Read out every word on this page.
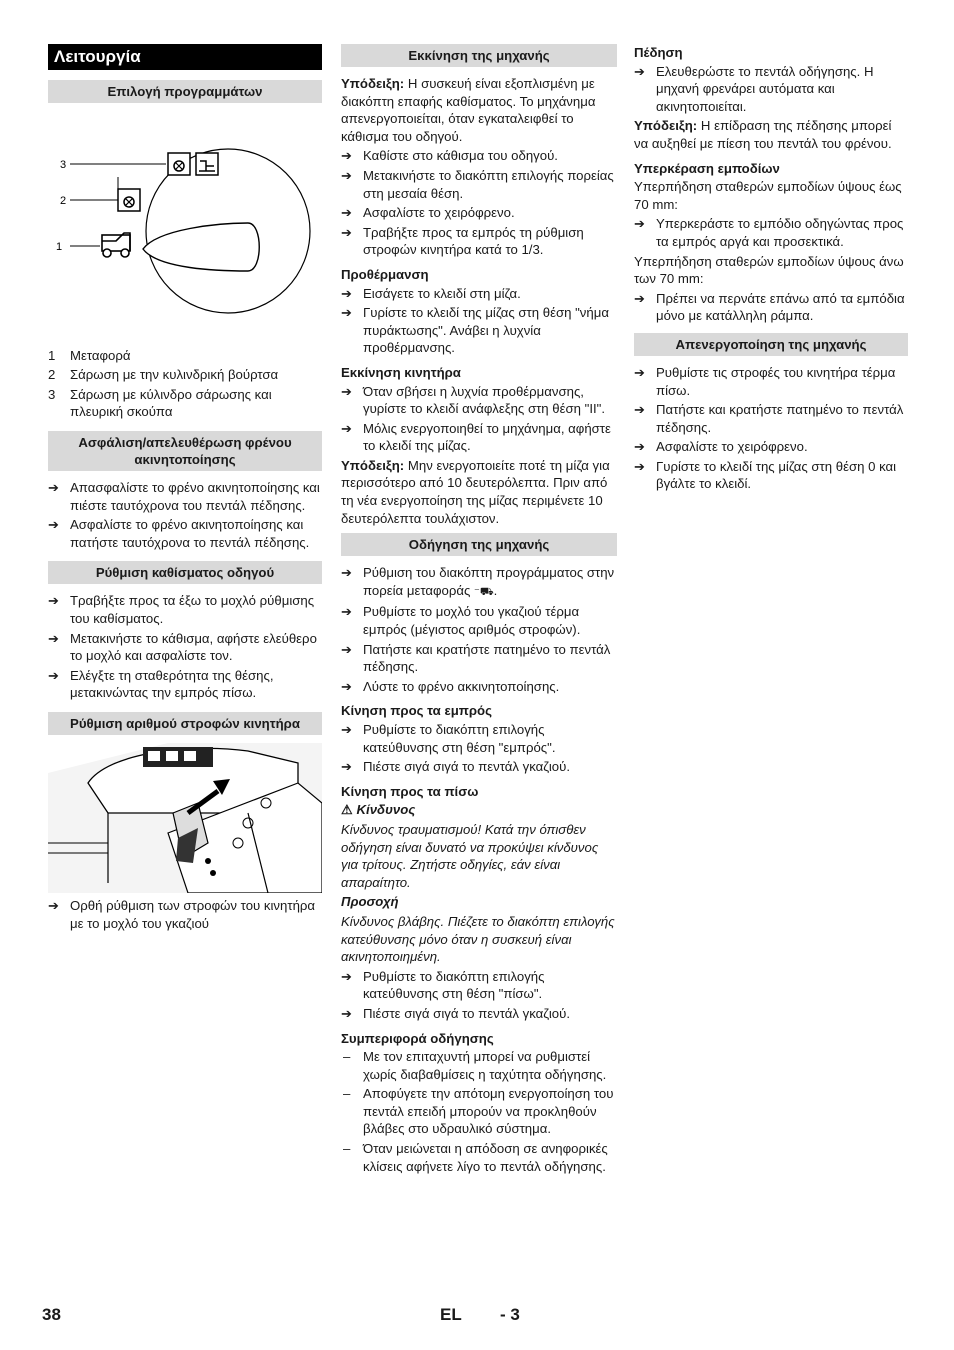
Λειτουργία
Επιλογή προγραμμάτων
3
2
1
1 Μεταφορά
2 Σάρωση με την κυλινδρική βούρτσα
3 Σάρωση με κύλινδρο σάρωσης και πλευρική σκούπα
Ασφάλιση/απελευθέρωση φρένου ακινητοποίησης
➔ Απασφαλίστε το φρένο ακινητοποίησης και πιέστε ταυτόχρονα του πεντάλ πέδησης.
➔ Ασφαλίστε το φρένο ακινητοποίησης και πατήστε ταυτόχρονα το πεντάλ πέδησης.
Ρύθμιση καθίσματος οδηγού
➔ Τραβήξτε προς τα έξω το μοχλό ρύθμισης του καθίσματος.
➔ Μετακινήστε το κάθισμα, αφήστε ελεύθερο το μοχλό και ασφαλίστε τον.
➔ Ελέγξτε τη σταθερότητα της θέσης, μετακινώντας την εμπρός πίσω.
Ρύθμιση αριθμού στροφών κινητήρα
➔ Ορθή ρύθμιση των στροφών του κινητήρα με το μοχλό του γκαζιού
Εκκίνηση της μηχανής

Υπόδειξη: Η συσκευή είναι εξοπλισμένη με διακόπτη επαφής καθίσματος. Το μηχάνημα απενεργοποιείται, όταν εγκαταλειφθεί το κάθισμα του οδηγού.

➔ Καθίστε στο κάθισμα του οδηγού.
➔ Μετακινήστε το διακόπτη επιλογής πορείας στη μεσαία θέση.
➔ Ασφαλίστε το χειρόφρενο.
➔ Τραβήξτε προς τα εμπρός τη ρύθμιση στροφών κινητήρα κατά το 1/3.
Προθέρμανση
➔ Εισάγετε το κλειδί στη μίζα.
➔ Γυρίστε το κλειδί της μίζας στη θέση "νήμα πυράκτωσης". Ανάβει η λυχνία προθέρμανσης.
Εκκίνηση κινητήρα
➔ Όταν σβήσει η λυχνία προθέρμανσης, γυρίστε το κλειδί ανάφλεξης στη θέση "II".
➔ Μόλις ενεργοποιηθεί το μηχάνημα, αφήστε το κλειδί της μίζας.

Υπόδειξη: Μην ενεργοποιείτε ποτέ τη μίζα για περισσότερο από 10 δευτερόλεπτα. Πριν από τη νέα ενεργοποίηση της μίζας περιμένετε 10 δευτερόλεπτα τουλάχιστον.

Οδήγηση της μηχανής
➔ Ρύθμιση του διακόπτη προγράμματος στην πορεία μεταφοράς ⁻⛟.
➔ Ρυθμίστε το μοχλό του γκαζιού τέρμα εμπρός (μέγιστος αριθμός στροφών).
➔ Πατήστε και κρατήστε πατημένο το πεντάλ πέδησης.
➔ Λύστε το φρένο ακκινητοποίησης.
Κίνηση προς τα εμπρός
➔ Ρυθμίστε το διακόπτη επιλογής κατεύθυνσης στη θέση "εμπρός".
➔ Πιέστε σιγά σιγά το πεντάλ γκαζιού.
Κίνηση προς τα πίσω

⚠ Κίνδυνος

Κίνδυνος τραυματισμού! Κατά την όπισθεν οδήγηση είναι δυνατό να προκύψει κίνδυνος για τρίτους. Ζητήστε οδηγίες, εάν είναι απαραίτητο.

Προσοχή

Κίνδυνος βλάβης. Πιέζετε το διακόπτη επιλογής κατεύθυνσης μόνο όταν η συσκευή είναι ακινητοποιημένη.

➔ Ρυθμίστε το διακόπτη επιλογής κατεύθυνσης στη θέση "πίσω".
➔ Πιέστε σιγά σιγά το πεντάλ γκαζιού.
Συμπεριφορά οδήγησης
– Με τον επιταχυντή μπορεί να ρυθμιστεί χωρίς διαβαθμίσεις η ταχύτητα οδήγησης.
– Αποφύγετε την απότομη ενεργοποίηση του πεντάλ επειδή μπορούν να προκληθούν βλάβες στο υδραυλικό σύστημα.
– Όταν μειώνεται η απόδοση σε ανηφορικές κλίσεις αφήνετε λίγο το πεντάλ οδήγησης.
Πέδηση
➔ Ελευθερώστε το πεντάλ οδήγησης. Η μηχανή φρενάρει αυτόματα και ακινητοποιείται.

Υπόδειξη: Η επίδραση της πέδησης μπορεί να αυξηθεί με πίεση του πεντάλ του φρένου.

Υπερκέραση εμποδίων

Υπερπήδηση σταθερών εμποδίων ύψους έως 70 mm:

➔ Υπερκεράστε το εμπόδιο οδηγώντας προς τα εμπρός αργά και προσεκτικά.

Υπερπήδηση σταθερών εμποδίων ύψους άνω των 70 mm:

➔ Πρέπει να περνάτε επάνω από τα εμπόδια μόνο με κατάλληλη ράμπα.
Απενεργοποίηση της μηχανής
➔ Ρυθμίστε τις στροφές του κινητήρα τέρμα πίσω.
➔ Πατήστε και κρατήστε πατημένο το πεντάλ πέδησης.
➔ Ασφαλίστε το χειρόφρενο.
➔ Γυρίστε το κλειδί της μίζας στη θέση 0 και βγάλτε το κλειδί.
38	EL - 3
